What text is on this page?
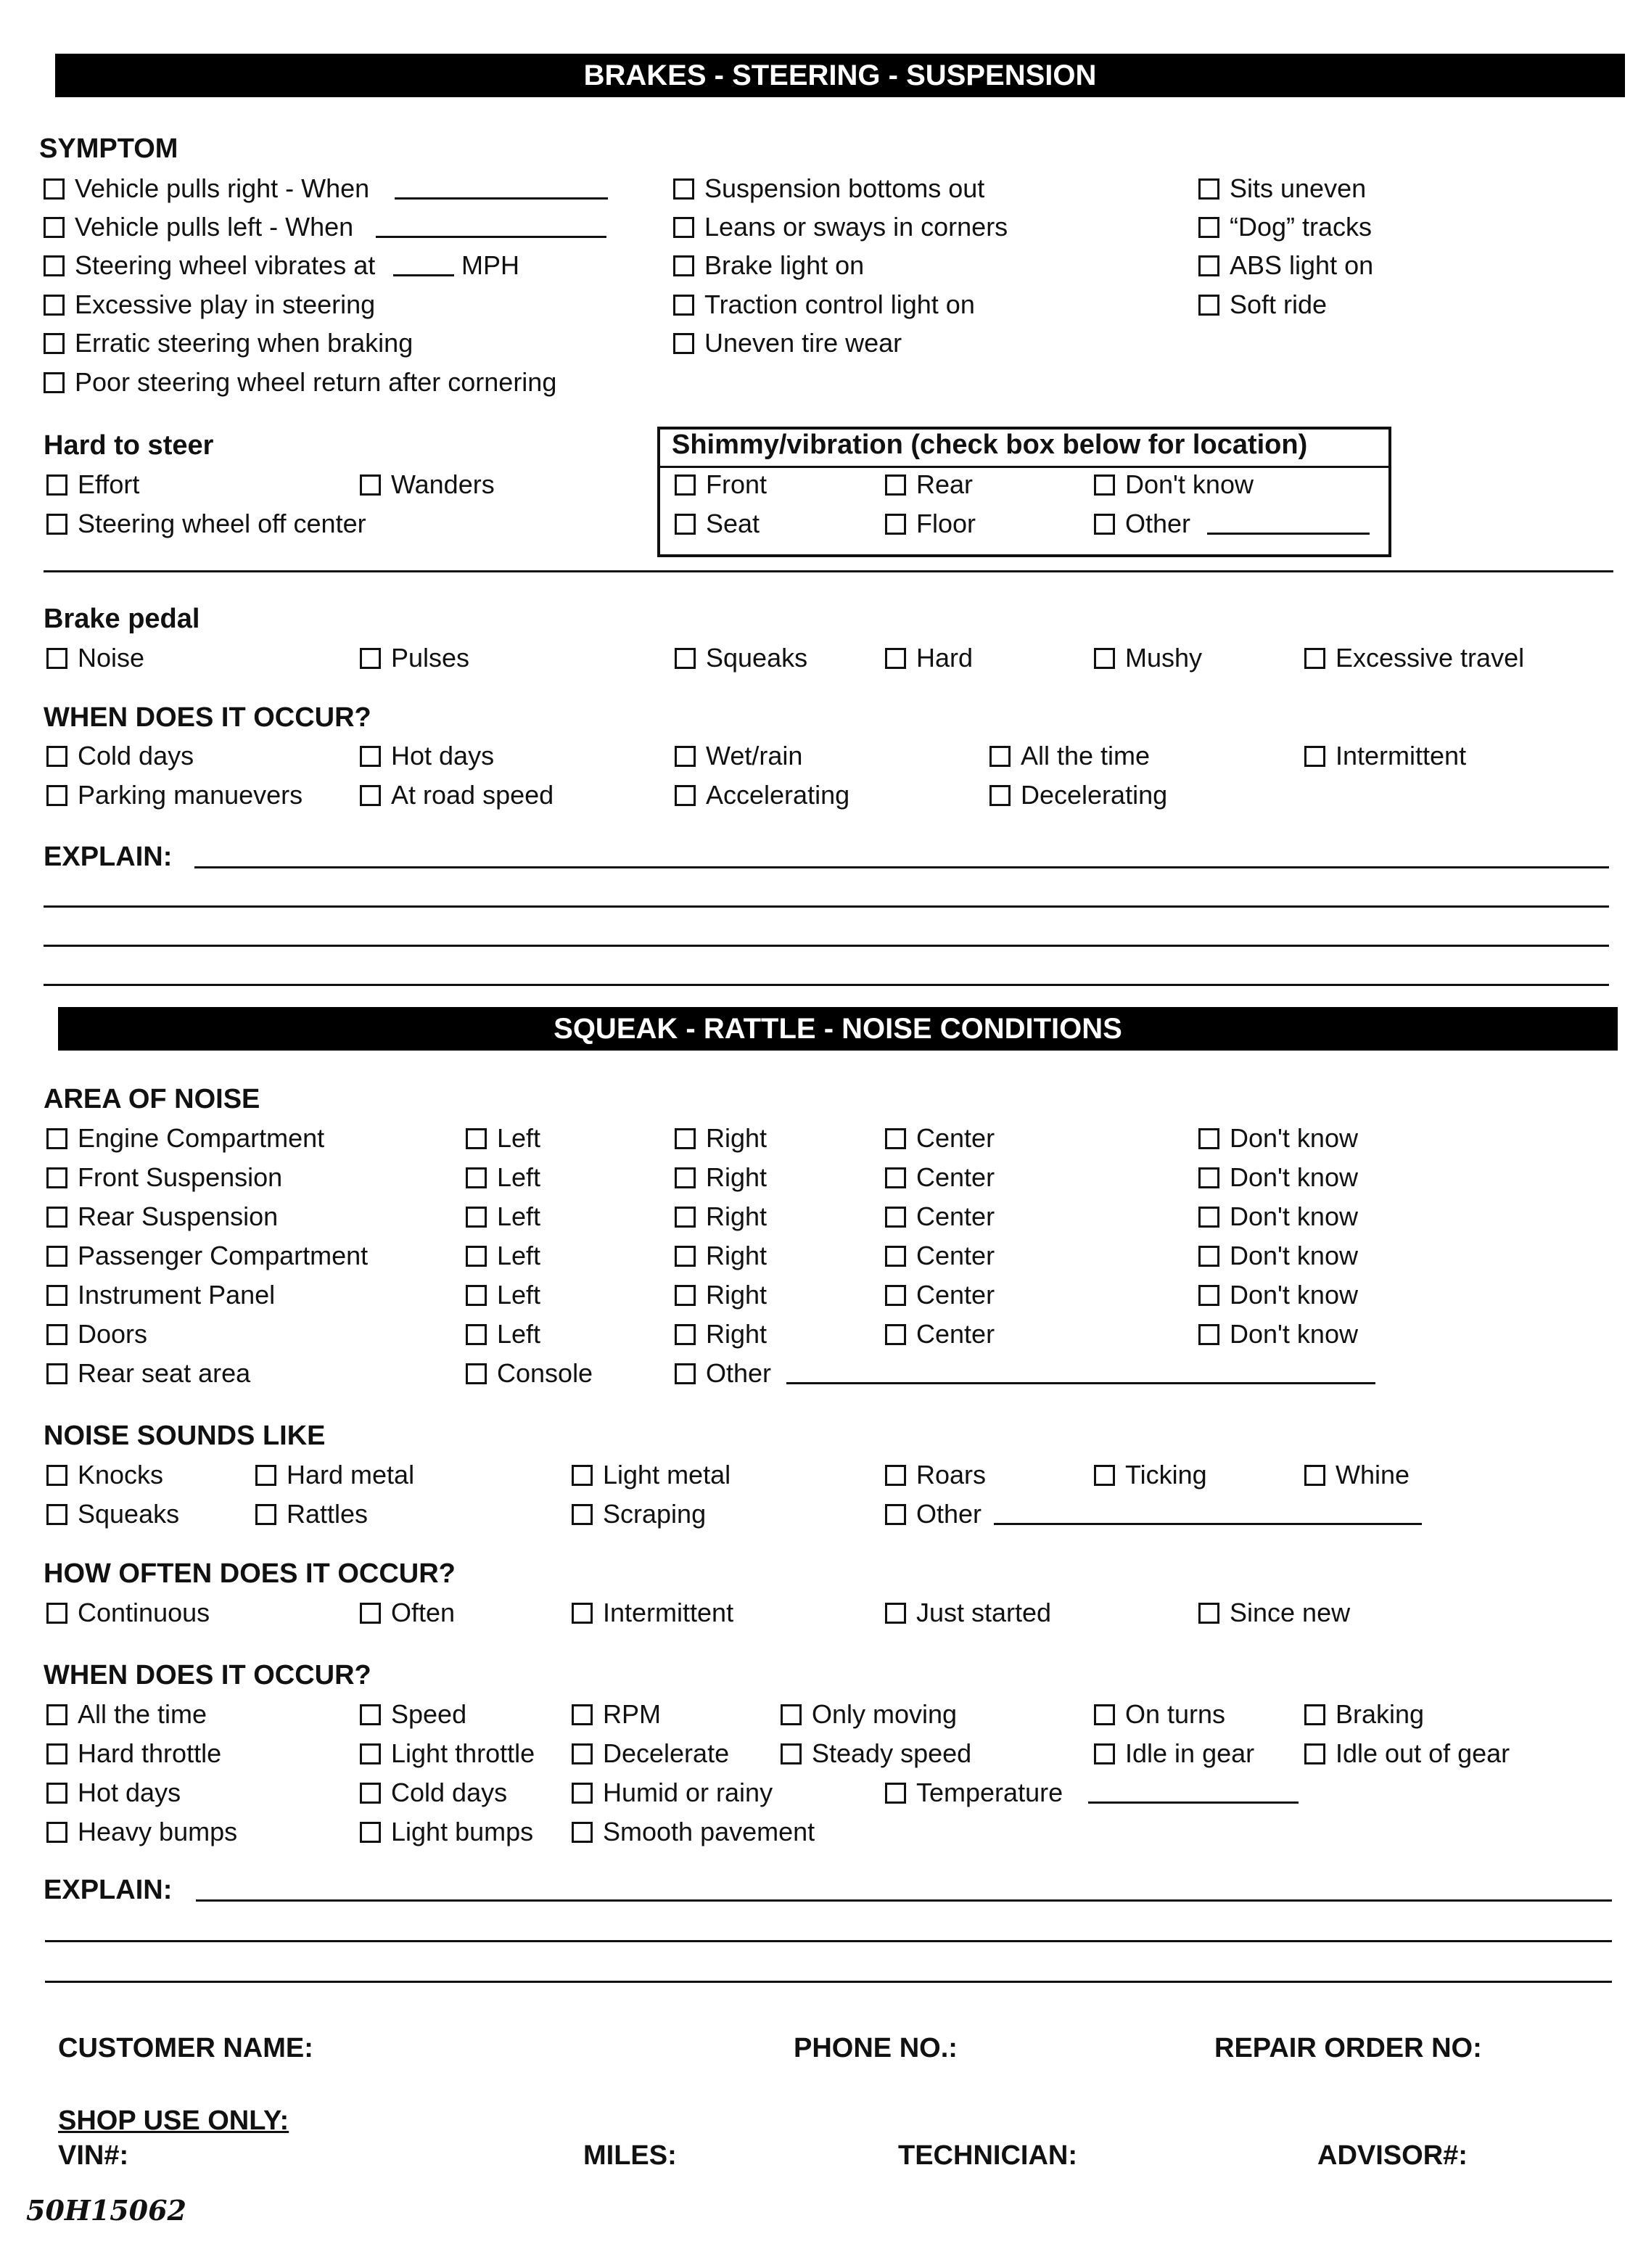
BRAKES - STEERING - SUSPENSION
SYMPTOM
Vehicle pulls right - When
Vehicle pulls left - When
Steering wheel vibrates at	MPH
Excessive play in steering
Erratic steering when braking
Poor steering wheel return after cornering
Suspension bottoms out
Leans or sways in corners
Brake light on
Traction control light on
Uneven tire wear
Sits uneven
“Dog” tracks
ABS light on
Soft ride
Hard to steer
Effort	Wanders
Steering wheel off center
Shimmy/vibration (check box below for location)
Front	Rear	Don't know
Seat	Floor	Other
Brake pedal
Noise	Pulses	Squeaks	Hard	Mushy	Excessive travel
WHEN DOES IT OCCUR?
Cold days	Hot days	Wet/rain	All the time	Intermittent
Parking manuevers	At road speed	Accelerating	Decelerating
EXPLAIN:
SQUEAK - RATTLE - NOISE CONDITIONS
AREA OF NOISE
Engine Compartment	Left	Right	Center	Don't know
Front Suspension	Left	Right	Center	Don't know
Rear Suspension	Left	Right	Center	Don't know
Passenger Compartment	Left	Right	Center	Don't know
Instrument Panel	Left	Right	Center	Don't know
Doors	Left	Right	Center	Don't know
Rear seat area	Console	Other
NOISE SOUNDS LIKE
Knocks	Hard metal	Light metal	Roars	Ticking	Whine
Squeaks	Rattles	Scraping	Other
HOW OFTEN DOES IT OCCUR?
Continuous	Often	Intermittent	Just started	Since new
WHEN DOES IT OCCUR?
All the time	Speed	RPM	Only moving	On turns	Braking
Hard throttle	Light throttle	Decelerate	Steady speed	Idle in gear	Idle out of gear
Hot days	Cold days	Humid or rainy	Temperature
Heavy bumps	Light bumps	Smooth pavement
EXPLAIN:
CUSTOMER NAME:	PHONE NO.:	REPAIR ORDER NO:
SHOP USE ONLY:
VIN#:	MILES:	TECHNICIAN:	ADVISOR#:
50H15062
